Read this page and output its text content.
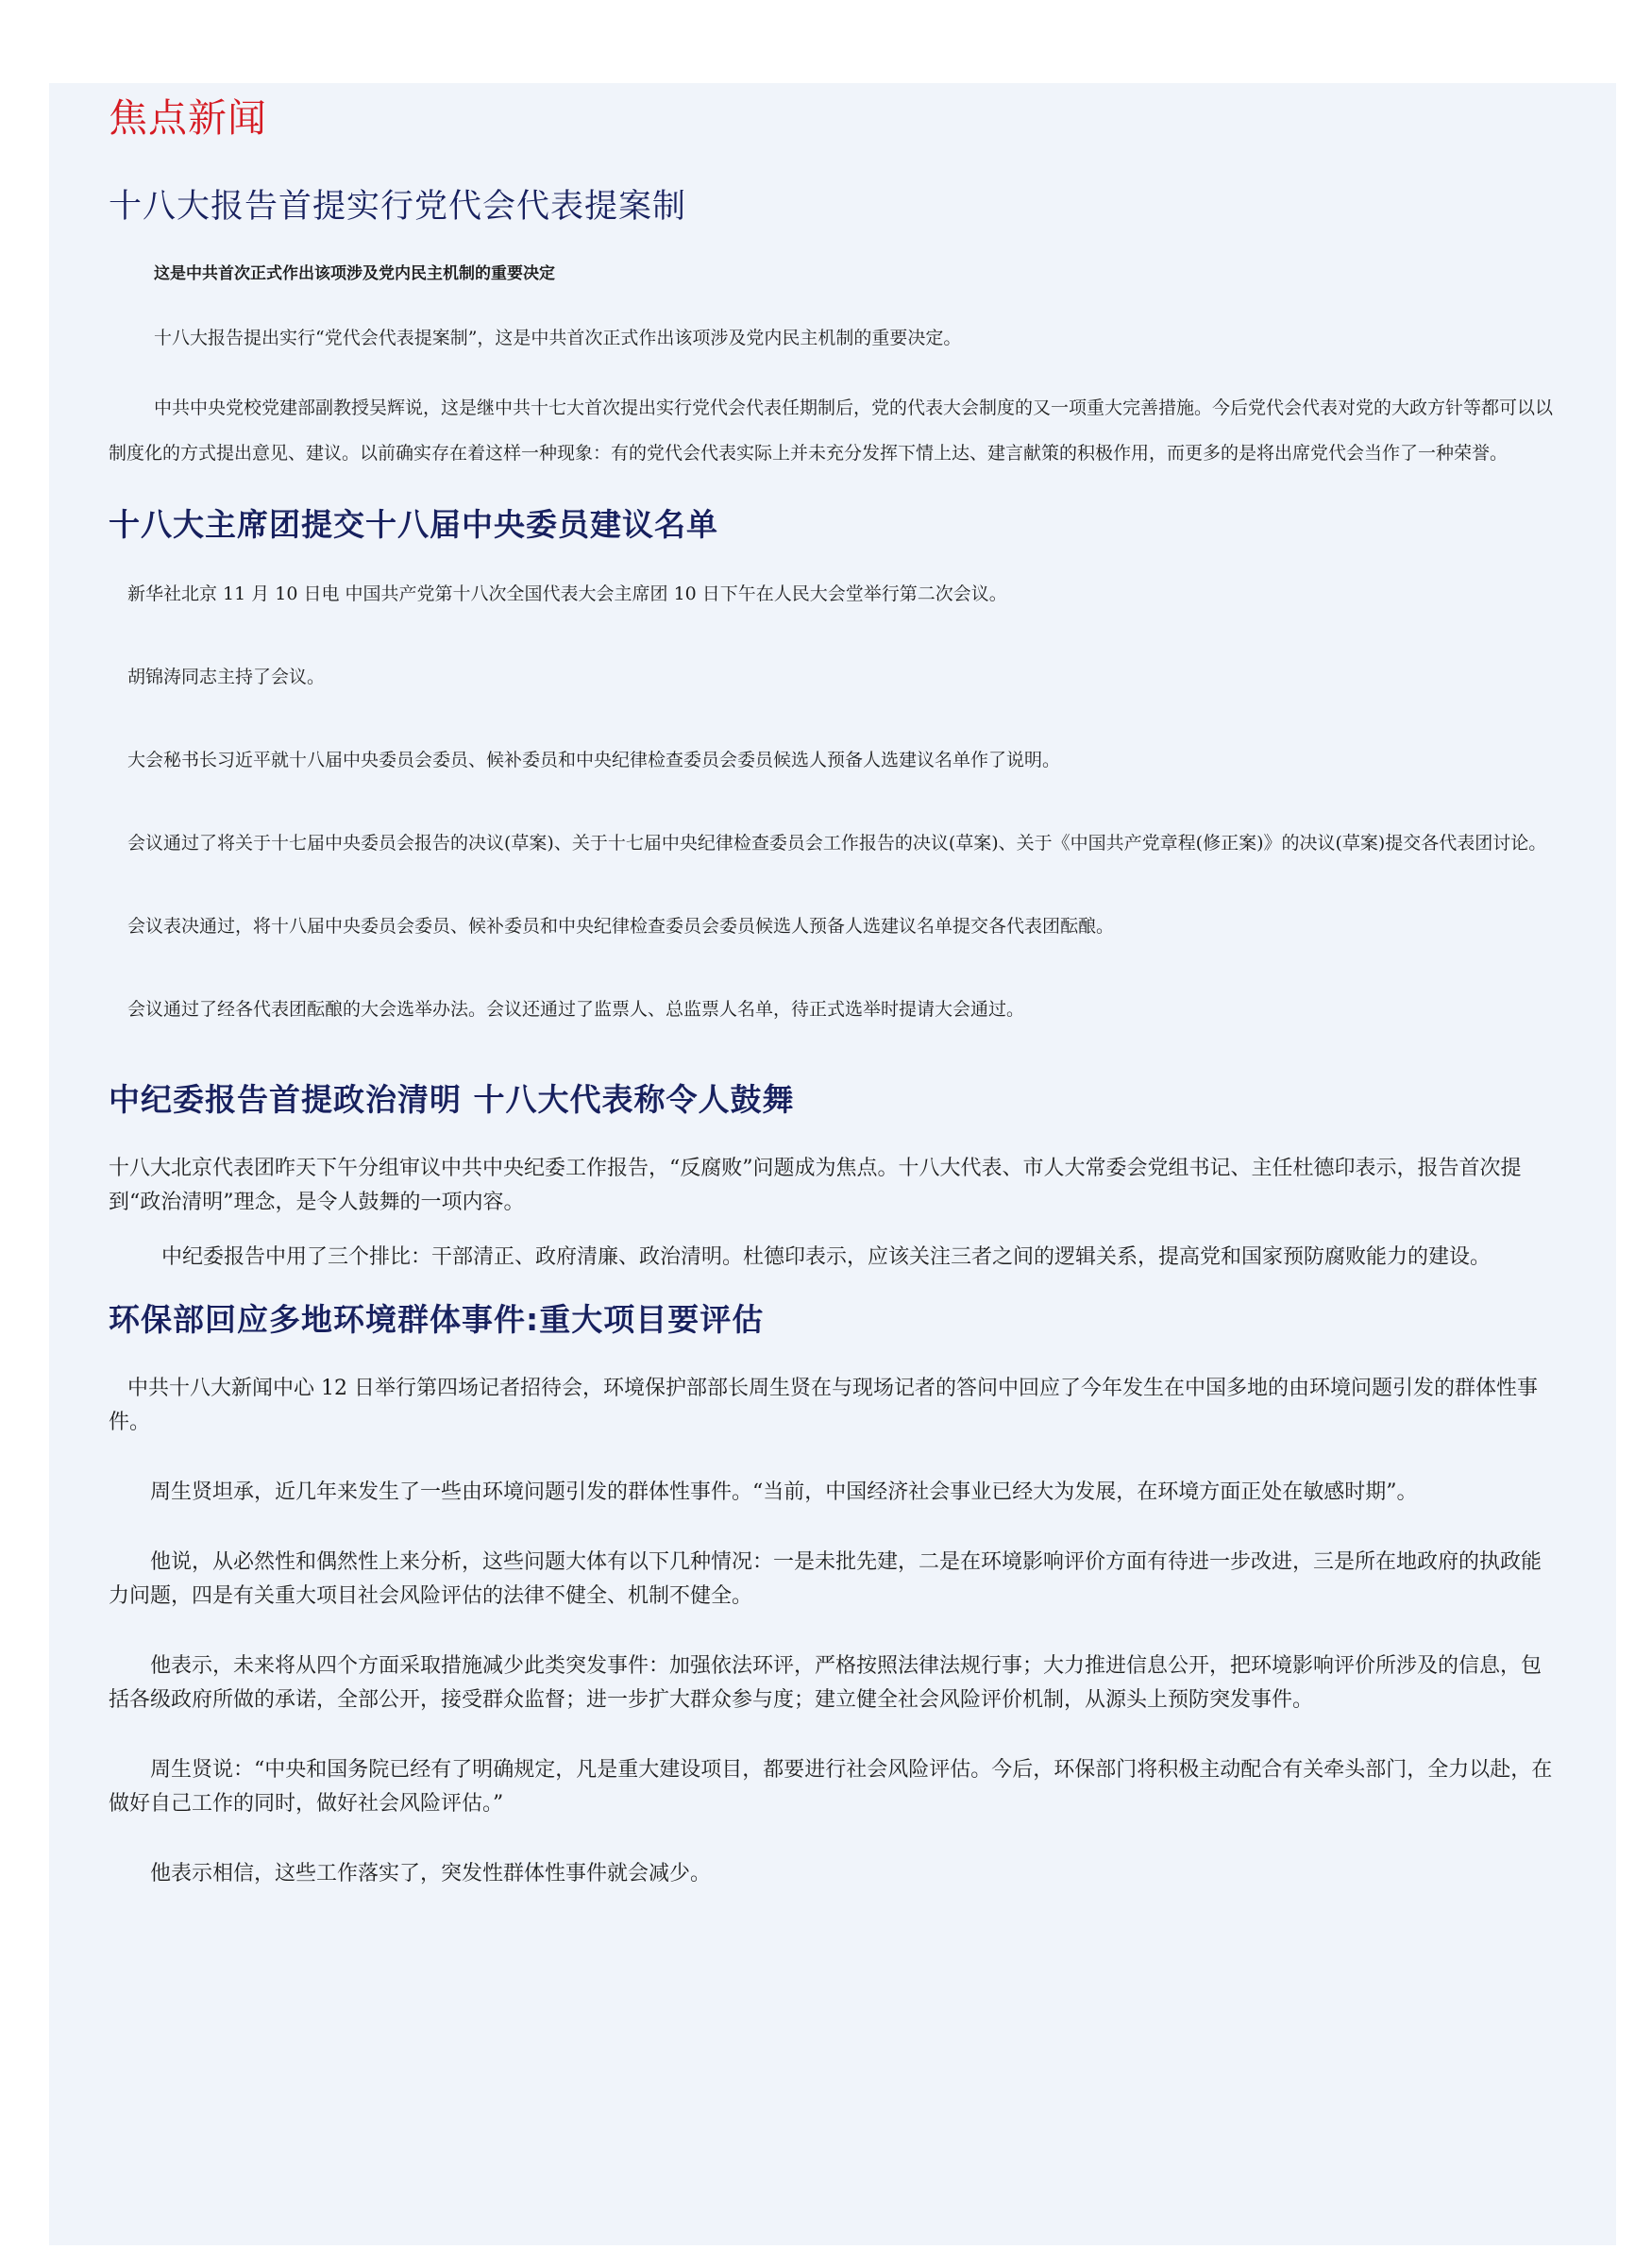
焦点新闻
十八大报告首提实行党代会代表提案制
这是中共首次正式作出该项涉及党内民主机制的重要决定

十八大报告提出实行“党代会代表提案制”，这是中共首次正式作出该项涉及党内民主机制的重要决定。

中共中央党校党建部副教授吴辉说，这是继中共十七大首次提出实行党代会代表任期制后，党的代表大会制度的又一项重大完善措施。今后党代会代表对党的大政方针等都可以以制度化的方式提出意见、建议。以前确实存在着这样一种现象：有的党代会代表实际上并未充分发挥下情上达、建言献策的积极作用，而更多的是将出席党代会当作了一种荣誉。

十八大主席团提交十八届中央委员建议名单

新华社北京 11 月 10 日电 中国共产党第十八次全国代表大会主席团 10 日下午在人民大会堂举行第二次会议。

胡锦涛同志主持了会议。

大会秘书长习近平就十八届中央委员会委员、候补委员和中央纪律检查委员会委员候选人预备人选建议名单作了说明。

会议通过了将关于十七届中央委员会报告的决议(草案)、关于十七届中央纪律检查委员会工作报告的决议(草案)、关于《中国共产党章程(修正案)》的决议(草案)提交各代表团讨论。

会议表决通过，将十八届中央委员会委员、候补委员和中央纪律检查委员会委员候选人预备人选建议名单提交各代表团酝酿。

会议通过了经各代表团酝酿的大会选举办法。会议还通过了监票人、总监票人名单，待正式选举时提请大会通过。

中纪委报告首提政治清明 十八大代表称令人鼓舞

十八大北京代表团昨天下午分组审议中共中央纪委工作报告，“反腐败”问题成为焦点。十八大代表、市人大常委会党组书记、主任杜德印表示，报告首次提到“政治清明”理念，是令人鼓舞的一项内容。

中纪委报告中用了三个排比：干部清正、政府清廉、政治清明。杜德印表示，应该关注三者之间的逻辑关系，提高党和国家预防腐败能力的建设。

环保部回应多地环境群体事件:重大项目要评估

中共十八大新闻中心 12 日举行第四场记者招待会，环境保护部部长周生贤在与现场记者的答问中回应了今年发生在中国多地的由环境问题引发的群体性事件。

周生贤坦承，近几年来发生了一些由环境问题引发的群体性事件。“当前，中国经济社会事业已经大为发展，在环境方面正处在敏感时期”。

他说，从必然性和偶然性上来分析，这些问题大体有以下几种情况：一是未批先建，二是在环境影响评价方面有待进一步改进，三是所在地政府的执政能力问题，四是有关重大项目社会风险评估的法律不健全、机制不健全。

他表示，未来将从四个方面采取措施减少此类突发事件：加强依法环评，严格按照法律法规行事；大力推进信息公开，把环境影响评价所涉及的信息，包括各级政府所做的承诺，全部公开，接受群众监督；进一步扩大群众参与度；建立健全社会风险评价机制，从源头上预防突发事件。

周生贤说：“中央和国务院已经有了明确规定，凡是重大建设项目，都要进行社会风险评估。今后，环保部门将积极主动配合有关牵头部门，全力以赴，在做好自己工作的同时，做好社会风险评估。”

他表示相信，这些工作落实了，突发性群体性事件就会减少。
